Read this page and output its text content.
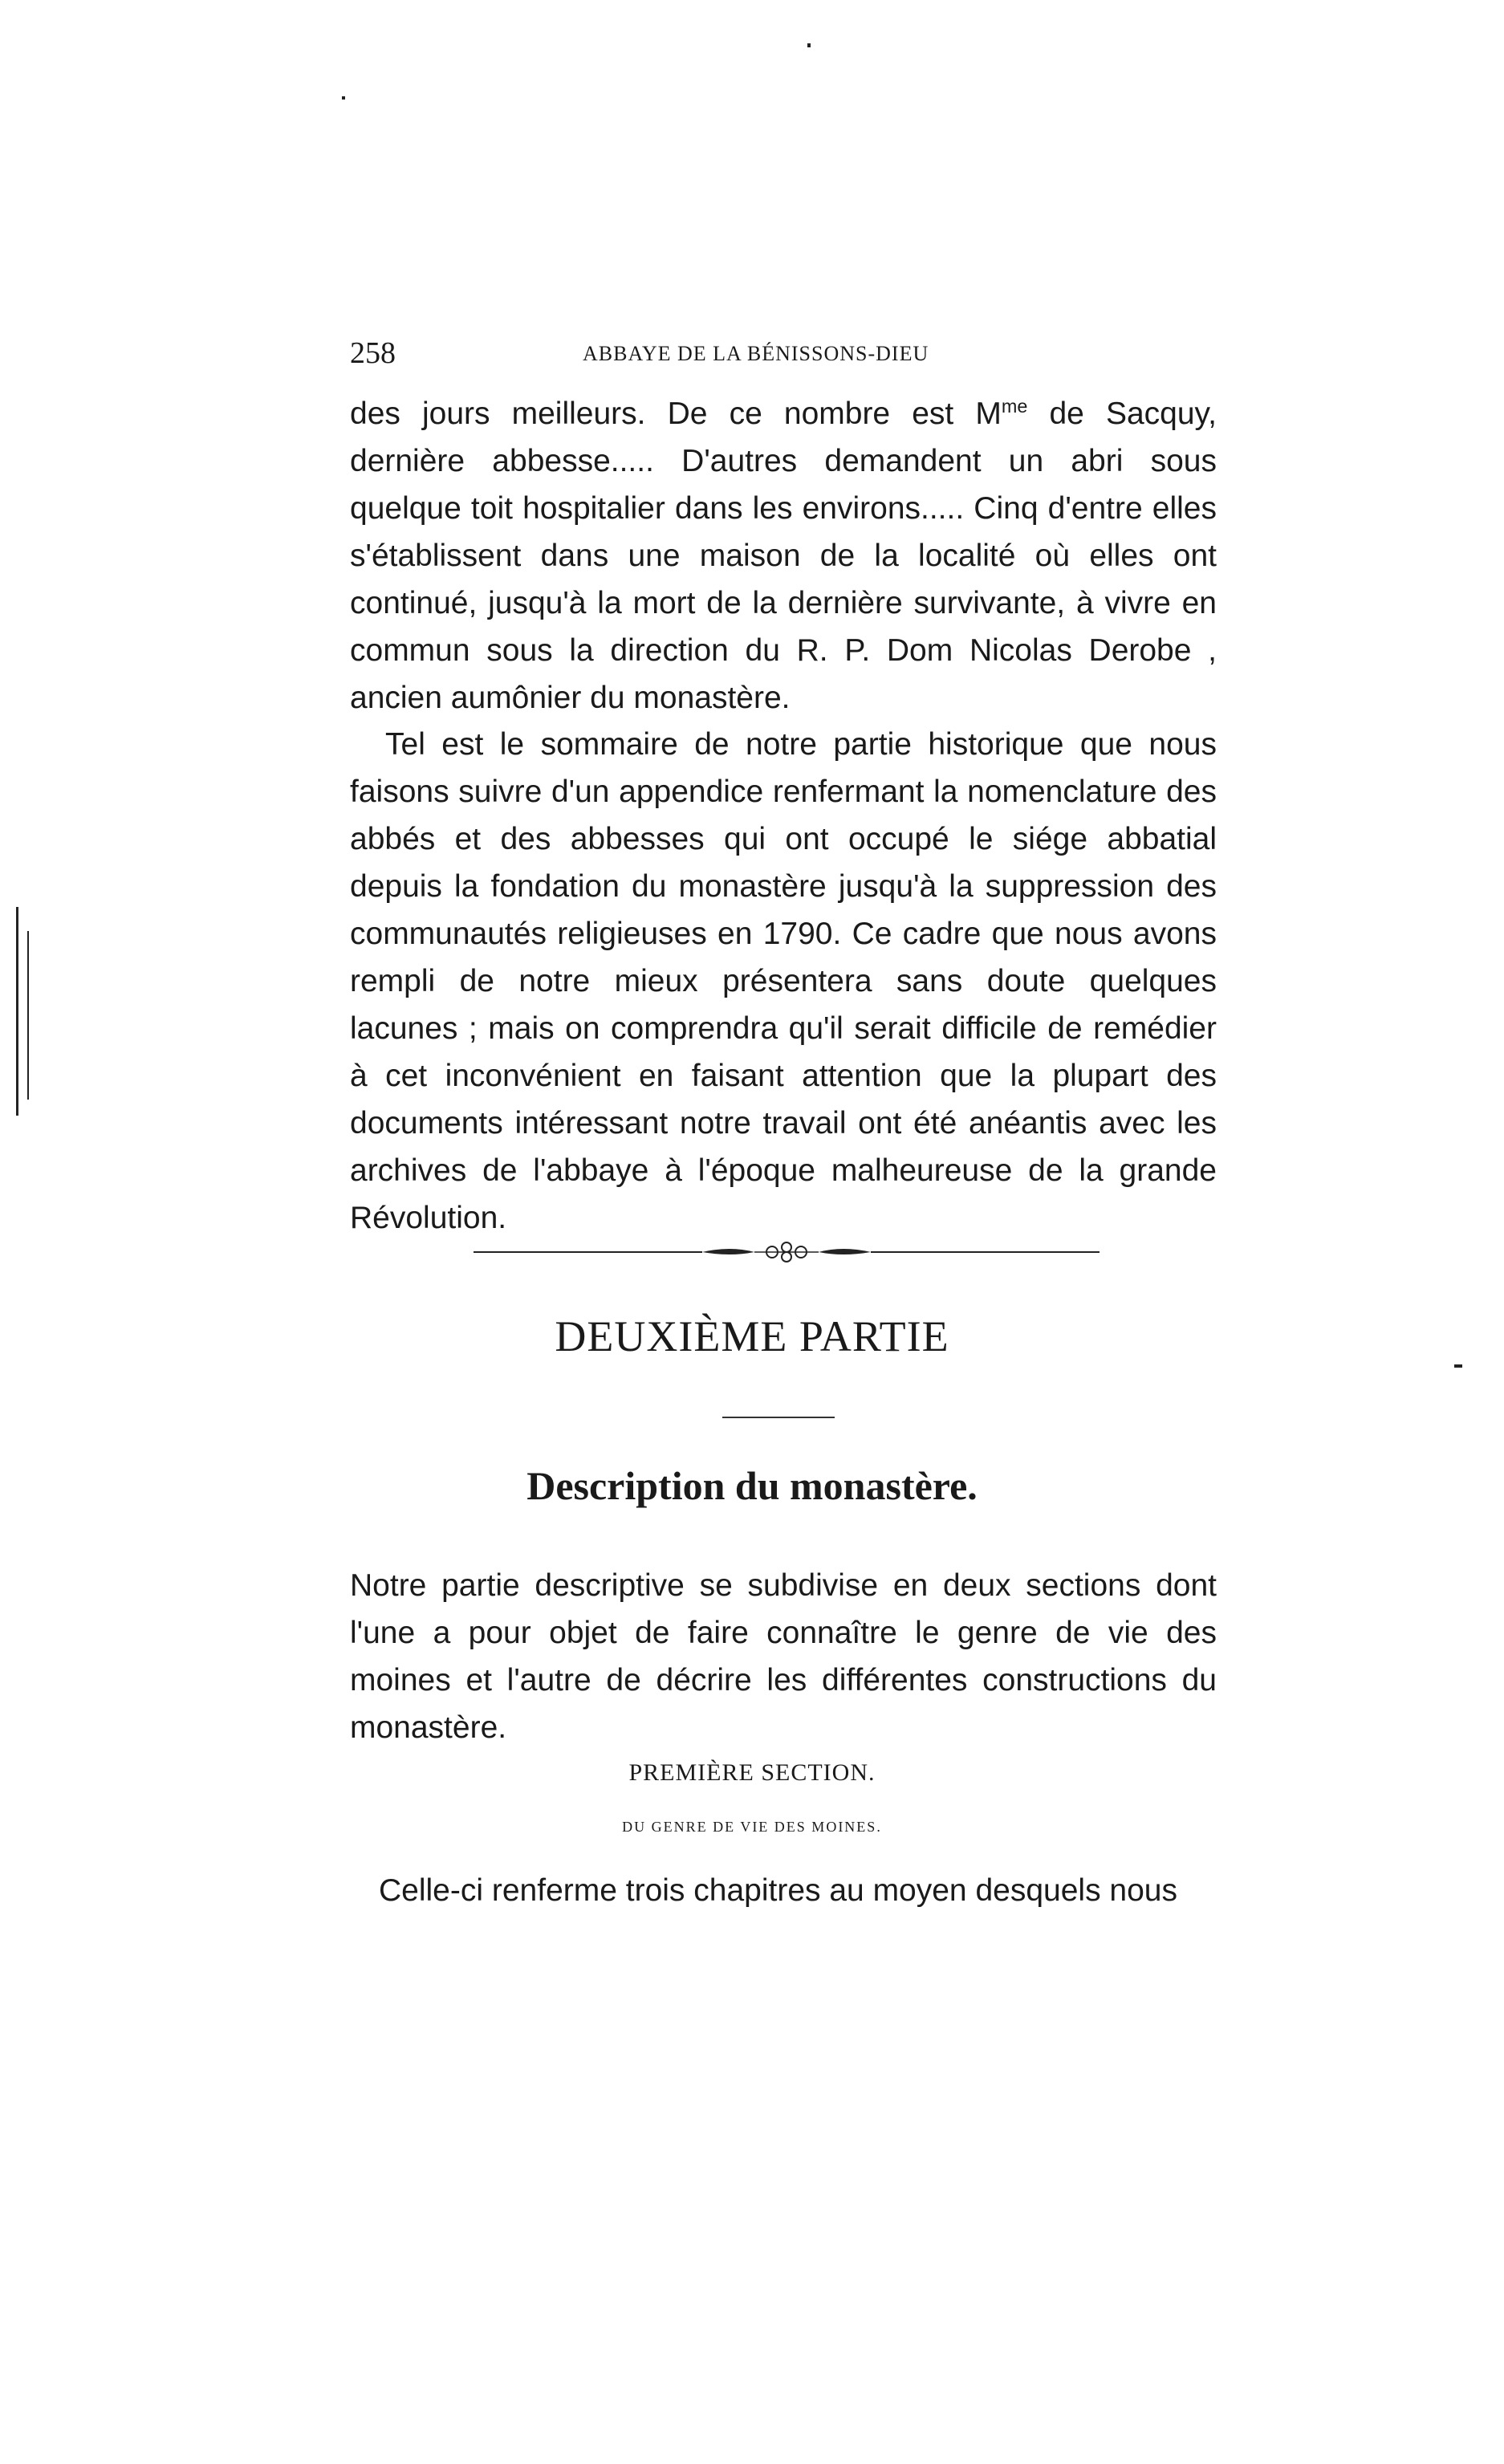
258	ABBAYE DE LA BÉNISSONS-DIEU

des jours meilleurs. De ce nombre est $M^{me}$ de Sacquy, dernière abbesse..... D'autres demandent un abri sous quelque toit hospitalier dans les environs..... Cinq d'entre elles s'établissent dans une maison de la localité où elles ont continué, jusqu'à la mort de la dernière survivante, à vivre en commun sous la direction du R. P. Dom Nicolas Derobe , ancien aumônier du monastère.

Tel est le sommaire de notre partie historique que nous faisons suivre d'un appendice renfermant la nomenclature des abbés et des abbesses qui ont occupé le siége abbatial depuis la fondation du monastère jusqu'à la suppression des communautés religieuses en 1790. Ce cadre que nous avons rempli de notre mieux présentera sans doute quelques lacunes ; mais on comprendra qu'il serait difficile de remédier à cet inconvénient en faisant attention que la plupart des documents intéressant notre travail ont été anéantis avec les archives de l'abbaye à l'époque malheureuse de la grande Révolution.

DEUXIÈME PARTIE
Description du monastère.

Notre partie descriptive se subdivise en deux sections dont l'une a pour objet de faire connaître le genre de vie des moines et l'autre de décrire les différentes constructions du monastère.

PREMIÈRE SECTION.
DU GENRE DE VIE DES MOINES.

Celle-ci renferme trois chapitres au moyen desquels nous
